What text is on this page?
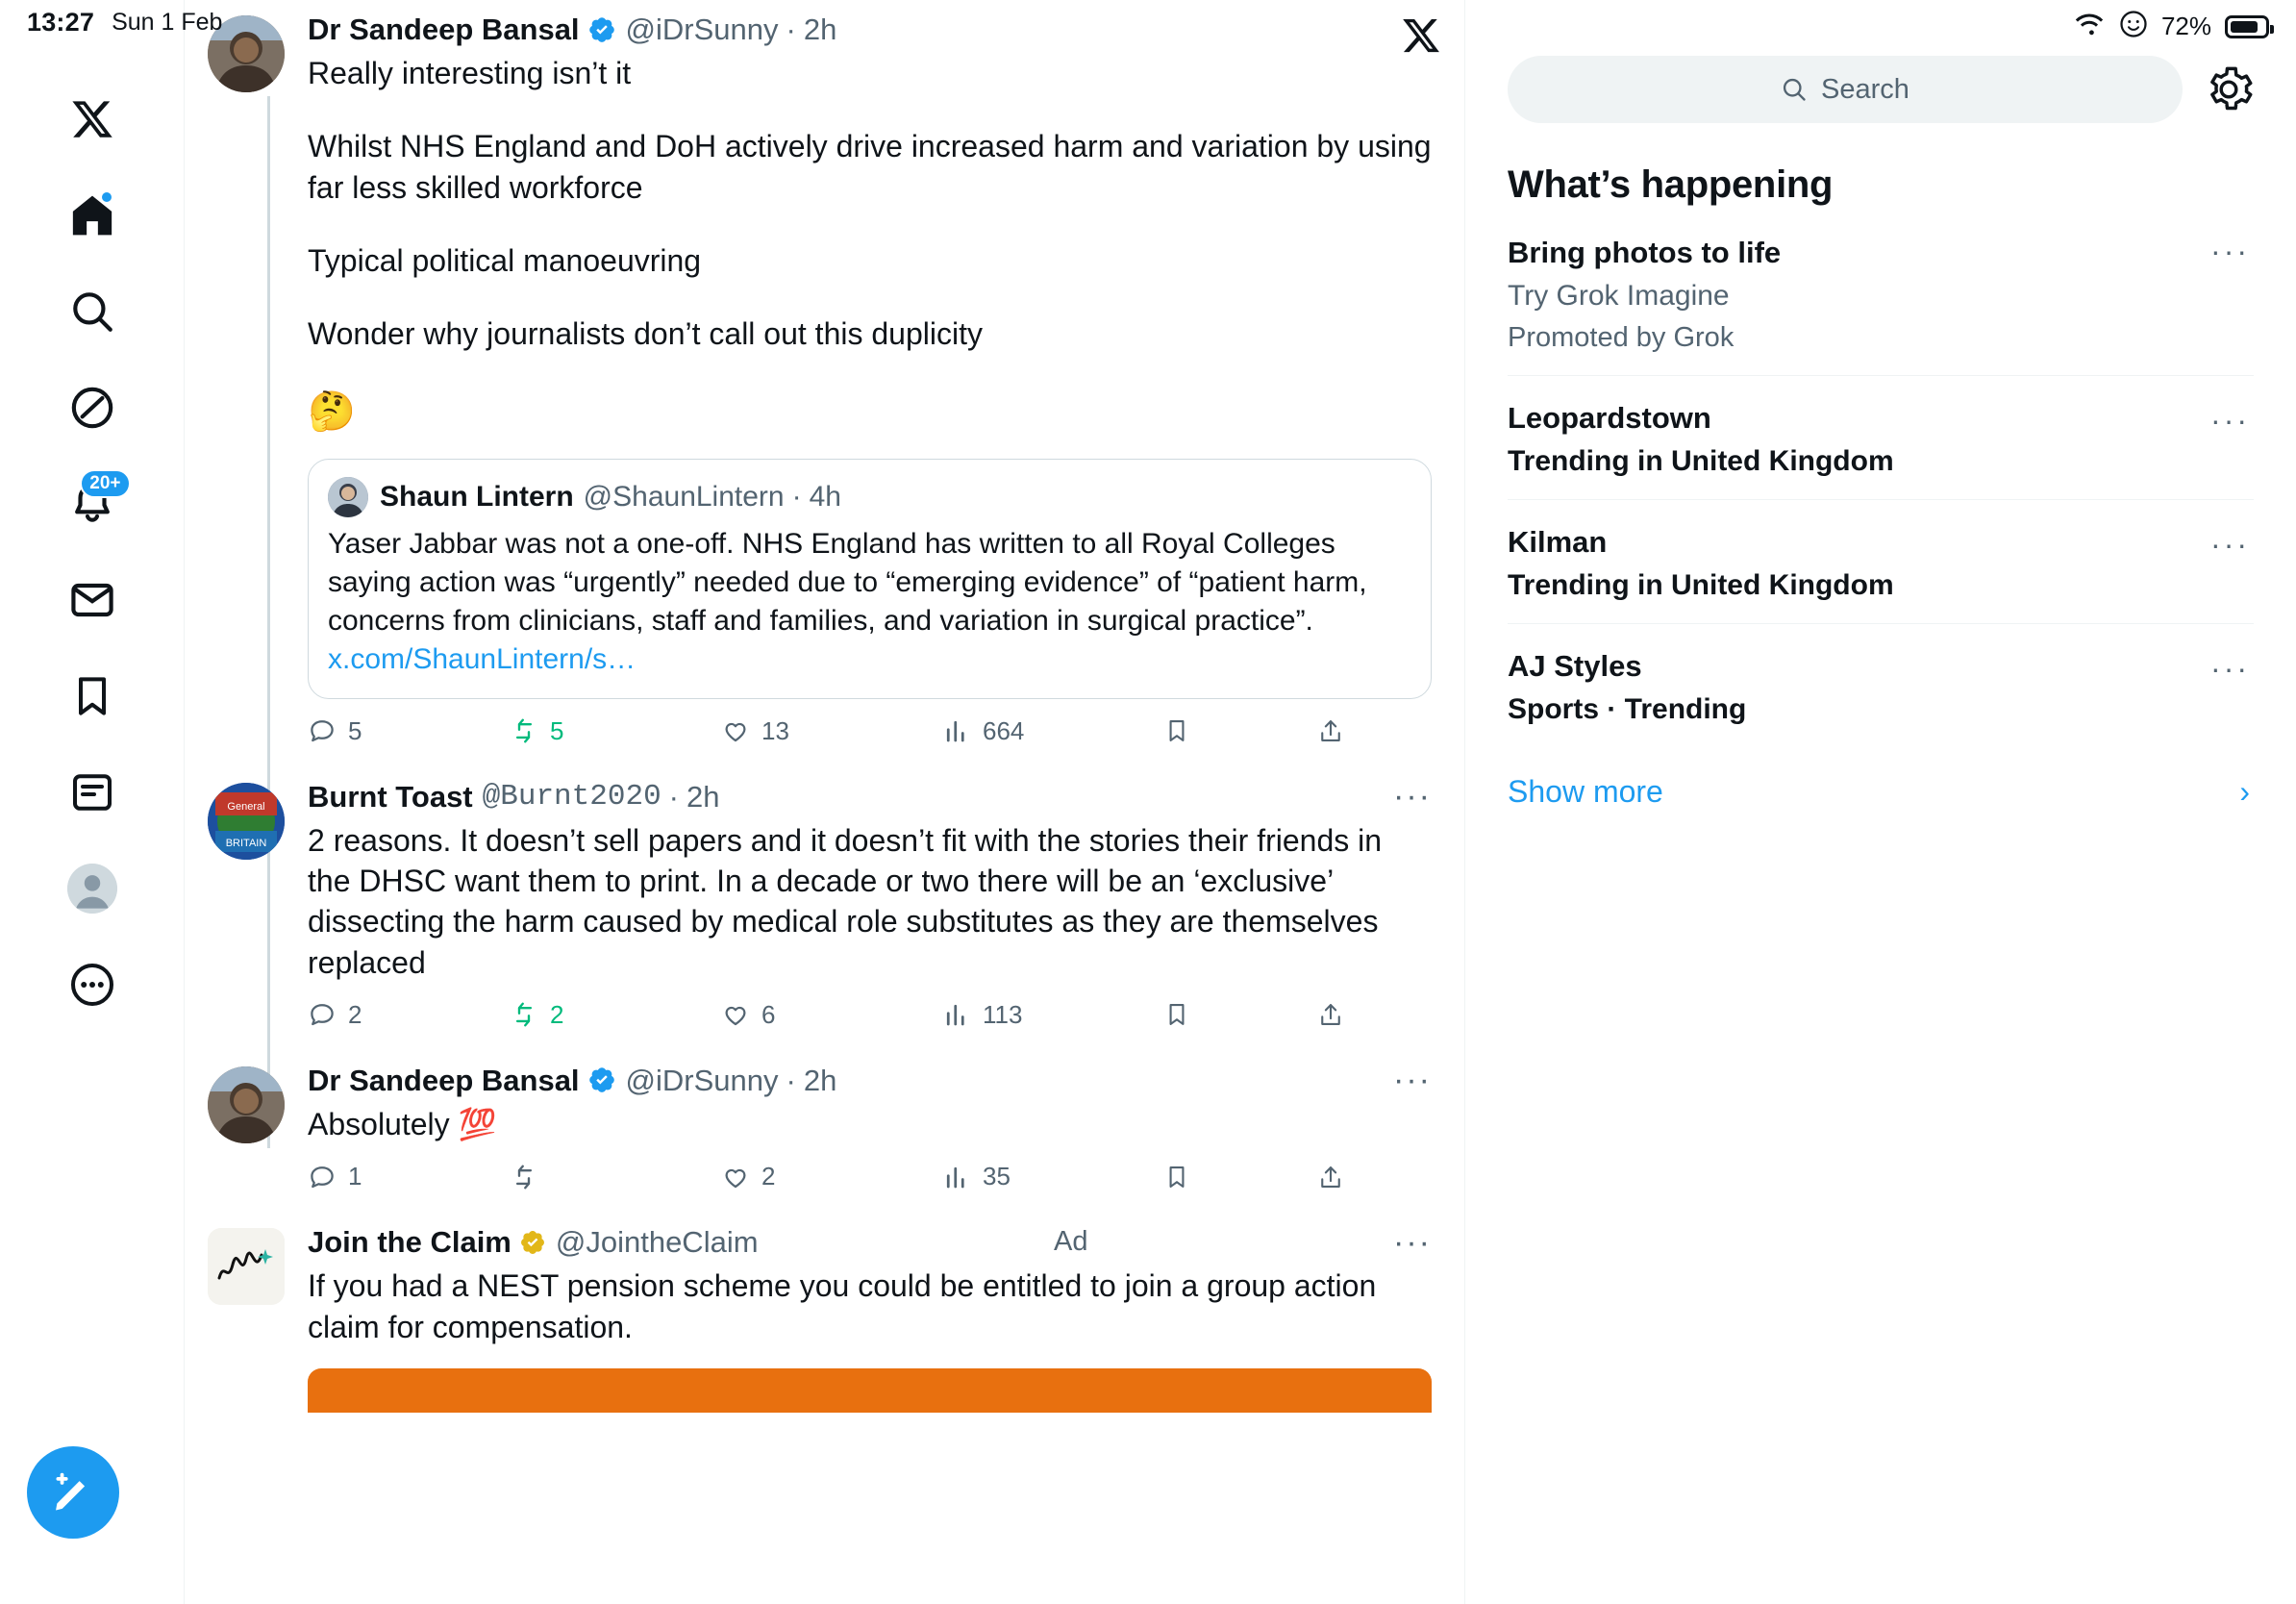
13:27 Sun 1 Feb	72%
20+
Dr Sandeep Bansal @iDrSunny · 2h

Really interesting isn’t it

Whilst NHS England and DoH actively drive increased harm and variation by using far less skilled workforce

Typical political manoeuvring

Wonder why journalists don’t call out this duplicity

🤔

Shaun Lintern @ShaunLintern · 4h
Yaser Jabbar was not a one-off. NHS England has written to all Royal Colleges saying action was “urgently” needed due to “emerging evidence” of “patient harm, concerns from clinicians, staff and families, and variation in surgical practice”. x.com/ShaunLintern/s…
5	5	13	664
General
BRITAIN
Burnt Toast @Burnt2020 · 2h	···

2 reasons. It doesn’t sell papers and it doesn’t fit with the stories their friends in the DHSC want them to print. In a decade or two there will be an ‘exclusive’ dissecting the harm caused by medical role substitutes as they are themselves replaced

2	2	6	113
Dr Sandeep Bansal @iDrSunny · 2h	···

Absolutely 💯

1	2	35
Join the Claim @JointheClaim	Ad	···

If you had a NEST pension scheme you could be entitled to join a group action claim for compensation.

Search
What’s happening
Bring photos to life
Try Grok Imagine
Promoted by Grok
···
Leopardstown
Trending in United Kingdom
···
Kilman
Trending in United Kingdom
···
AJ Styles
Sports · Trending
···
Show more	›
